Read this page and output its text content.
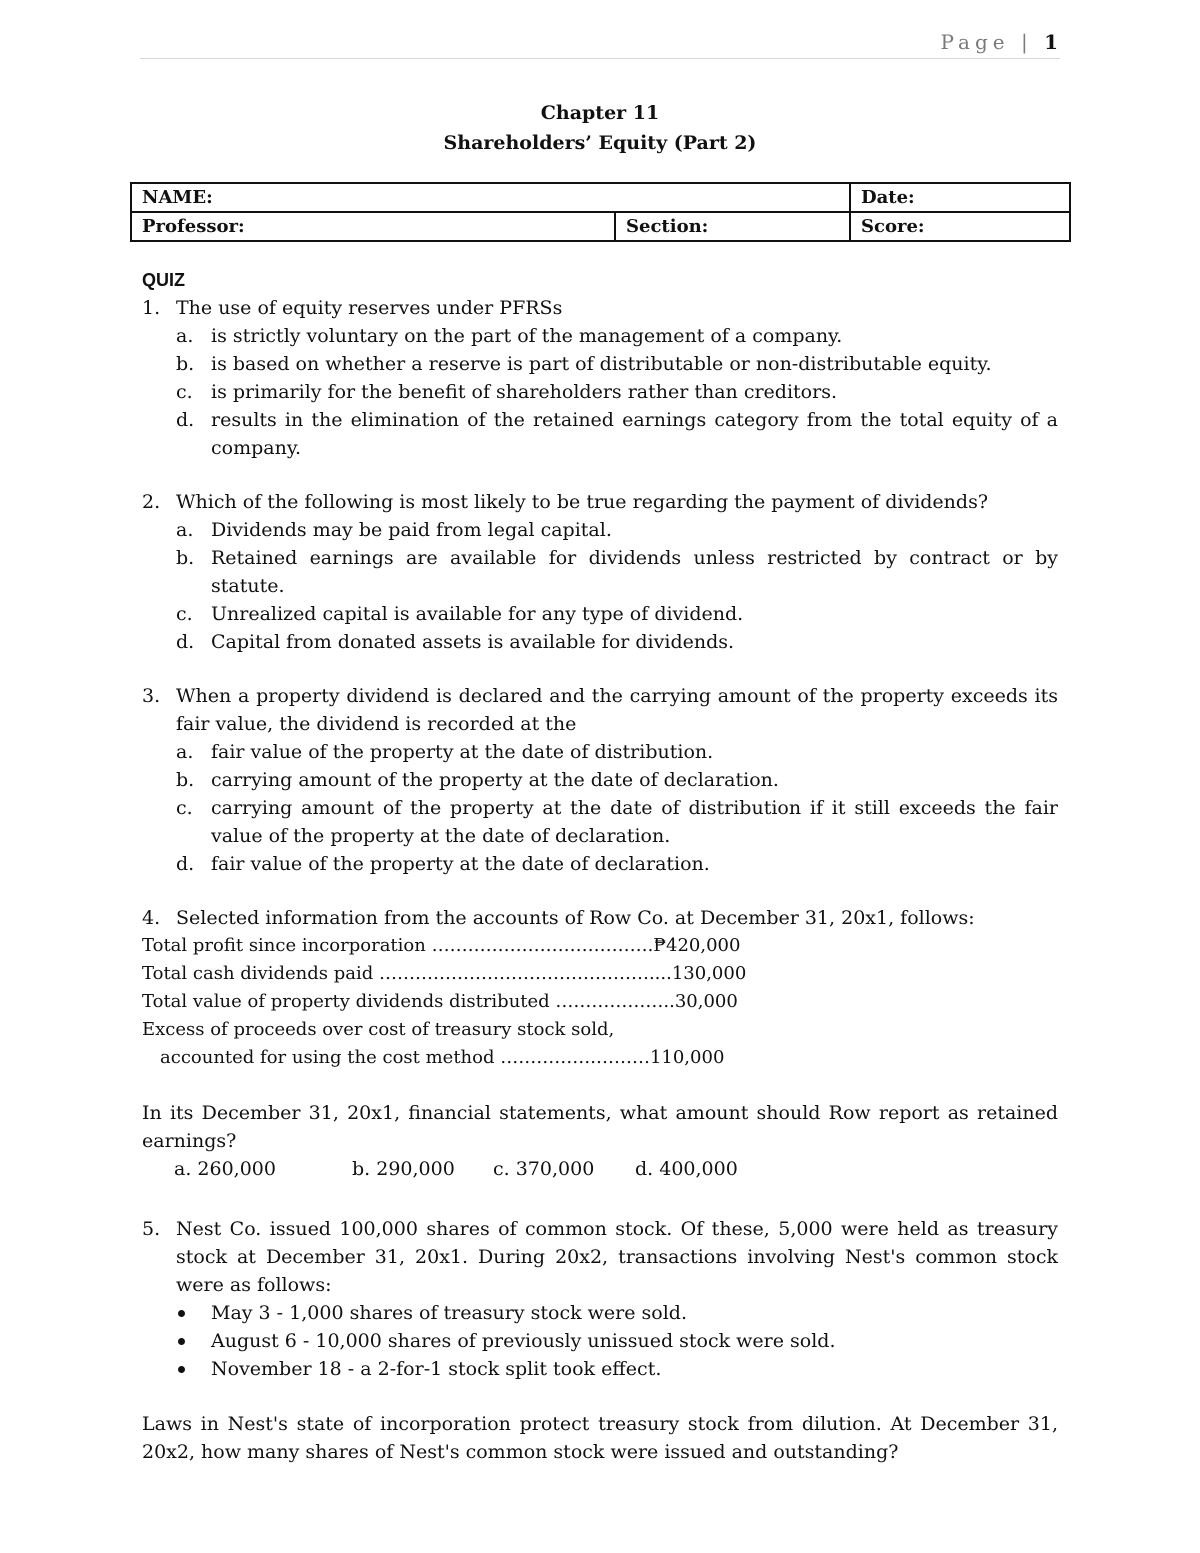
Page | 1
Chapter 11
Shareholders’ Equity (Part 2)
NAME:		Date:
Professor:	Section:	Score:
QUIZ
1. The use of equity reserves under PFRSs
a. is strictly voluntary on the part of the management of a company.
b. is based on whether a reserve is part of distributable or non-distributable equity.
c. is primarily for the benefit of shareholders rather than creditors.
d. results in the elimination of the retained earnings category from the total equity of a company.
2. Which of the following is most likely to be true regarding the payment of dividends?
a. Dividends may be paid from legal capital.
b. Retained earnings are available for dividends unless restricted by contract or by statute.
c. Unrealized capital is available for any type of dividend.
d. Capital from donated assets is available for dividends.
3. When a property dividend is declared and the carrying amount of the property exceeds its fair value, the dividend is recorded at the
a. fair value of the property at the date of distribution.
b. carrying amount of the property at the date of declaration.
c. carrying amount of the property at the date of distribution if it still exceeds the fair value of the property at the date of declaration.
d. fair value of the property at the date of declaration.
4. Selected information from the accounts of Row Co. at December 31, 20x1, follows:
Total profit since incorporation ……………………………….₱420,000
Total cash dividends paid ………………………………………....130,000
Total value of property dividends distributed ………………..30,000
Excess of proceeds over cost of treasury stock sold,
accounted for using the cost method …………….………110,000
In its December 31, 20x1, financial statements, what amount should Row report as retained earnings?
a. 260,000	b. 290,000	c. 370,000	d. 400,000
5. Nest Co. issued 100,000 shares of common stock. Of these, 5,000 were held as treasury stock at December 31, 20x1. During 20x2, transactions involving Nest's common stock were as follows:
May 3 - 1,000 shares of treasury stock were sold.
August 6 - 10,000 shares of previously unissued stock were sold.
November 18 - a 2-for-1 stock split took effect.
Laws in Nest's state of incorporation protect treasury stock from dilution. At December 31, 20x2, how many shares of Nest's common stock were issued and outstanding?
